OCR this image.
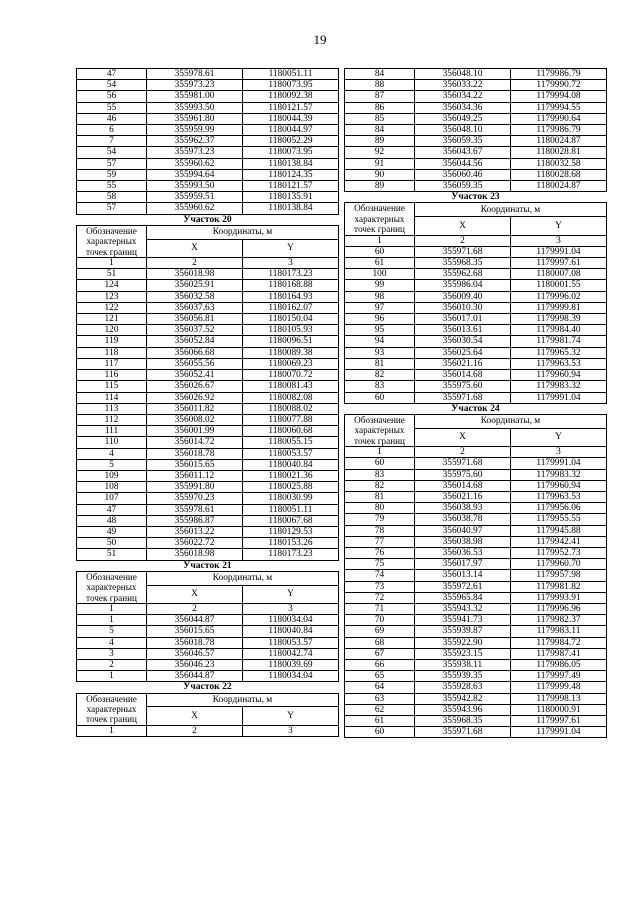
19
47	355978.61	1180051.11
54	355973.23	1180073.95
56	355981.00	1180092.38
55	355993.50	1180121.57
46	355961.80	1180044.39
6	355959.99	1180044.97
7	355962.37	1180052.29
54	355973.23	1180073.95
57	355960.62	1180138.84
59	355994.64	1180124.35
55	355993.50	1180121.57
58	355959.51	1180135.91
57	355960.62	1180138.84
Участок 20		
Обозначение
характерных
точек границ	Координаты, м	
	X	Y
1	2	3
51	356018.98	1180173.23
124	356025.91	1180168.88
123	356032.58	1180164.93
122	356037.63	1180162.07
121	356056.81	1180150.04
120	356037.52	1180105.93
119	356052.84	1180096.51
118	356066.68	1180089.38
117	356055.56	1180069.23
116	356052.41	1180070.72
115	356026.67	1180081.43
114	356026.92	1180082.08
113	356011.82	1180088.02
112	356008.02	1180077.88
111	356001.99	1180060.68
110	356014.72	1180055.15
4	356018.78	1180053.57
5	356015.65	1180040.84
109	356011.12	1180021.36
108	355991.80	1180025.88
107	355970.23	1180030.99
47	355978.61	1180051.11
48	355986.87	1180067.68
49	356013.22	1180129.53
50	356022.72	1180153.26
51	356018.98	1180173.23
Участок 21		
Обозначение
характерных
точек границ	Координаты, м	
	X	Y
1	2	3
1	356044.87	1180034.04
5	356015.65	1180040.84
4	356018.78	1180053.57
3	356046.57	1180042.74
2	356046.23	1180039.69
1	356044.87	1180034.04
Участок 22		
Обозначение
характерных
точек границ	Координаты, м	
	X	Y
1	2	3
84	356048.10	1179986.79
88	356033.22	1179990.72
87	356034.22	1179994.08
86	356034.36	1179994.55
85	356049.25	1179990.64
84	356048.10	1179986.79
89	356059.35	1180024.87
92	356043.67	1180028.81
91	356044.56	1180032.58
90	356060.46	1180028.68
89	356059.35	1180024.87
Участок 23		
Обозначение
характерных
точек границ	Координаты, м	
	X	Y
1	2	3
60	355971.68	1179991.04
61	355968.35	1179997.61
100	355962.68	1180007.08
99	355986.04	1180001.55
98	356009.40	1179996.02
97	356010.30	1179999.81
96	356017.01	1179998.39
95	356013.61	1179984.40
94	356030.54	1179981.74
93	356025.64	1179965.32
81	356021.16	1179963.53
82	356014.68	1179960.94
83	355975.60	1179983.32
60	355971.68	1179991.04
Участок 24		
Обозначение
характерных
точек границ	Координаты, м	
	X	Y
1	2	3
60	355971.68	1179991.04
83	355975.60	1179983.32
82	356014.68	1179960.94
81	356021.16	1179963.53
80	356038.93	1179956.06
79	356038.78	1179955.55
78	356040.97	1179945.88
77	356038.98	1179942.41
76	356036.53	1179952.73
75	356017.97	1179960.70
74	356013.14	1179957.98
73	355972.61	1179981.82
72	355965.84	1179993.91
71	355943.32	1179996.96
70	355941.73	1179982.37
69	355939.87	1179983.11
68	355922.90	1179984.72
67	355923.15	1179987.41
66	355938.11	1179986.05
65	355939.35	1179997.49
64	355928.63	1179999.48
63	355942.82	1179998.13
62	355943.96	1180000.91
61	355968.35	1179997.61
60	355971.68	1179991.04
